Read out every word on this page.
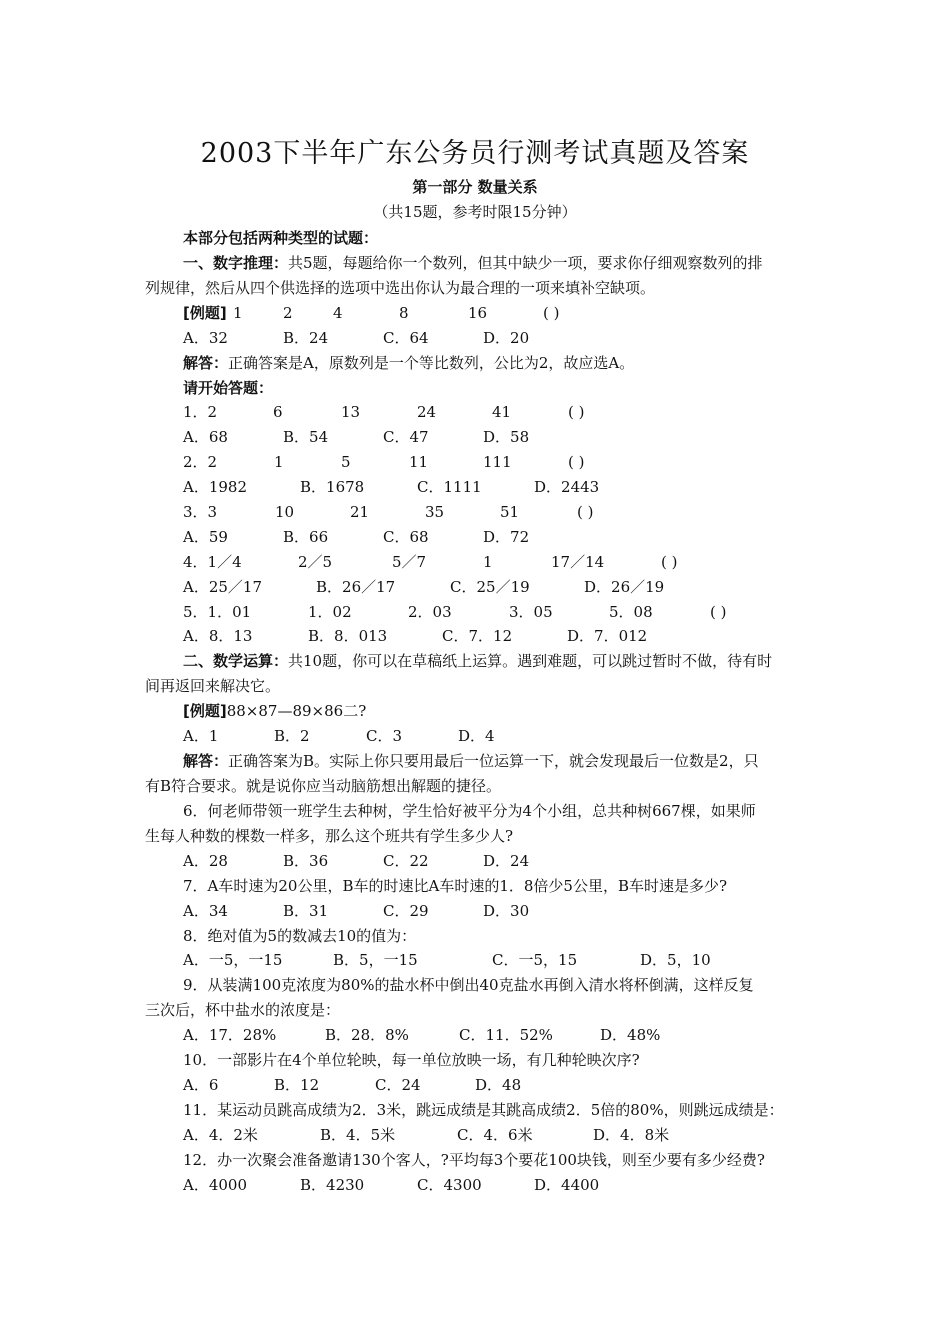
2003下半年广东公务员行测考试真题及答案
第一部分 数量关系
（共15题，参考时限15分钟）
本部分包括两种类型的试题：
一、数字推理：共5题，每题给你一个数列，但其中缺少一项，要求你仔细观察数列的排
列规律，然后从四个供选择的选项中选出你认为最合理的一项来填补空缺项。
[例题] 1	2	4	8	16	( )
A．32	B．24	C．64	D．20
解答：正确答案是A，原数列是一个等比数列，公比为2，故应选A。
请开始答题：
1．2	6	13	24	41	( )
A．68	B．54	C．47	D．58
2．2	1	5	11	111	( )
A．1982	B．1678	C．1111	D．2443
3．3	10	21	35	51	( )
A．59	B．66	C．68	D．72
4．1／4	2／5	5／7	1	17／14	( )
A．25／17	B．26／17	C．25／19	D．26／19
5．1．01	1．02	2．03	3．05	5．08	( )
A．8．13	B．8．013	C．7．12	D．7．012
二、数学运算：共10题，你可以在草稿纸上运算。遇到难题，可以跳过暂时不做，待有时
间再返回来解决它。
[例题]88×87—89×86二?
A．1	B．2	C．3	D．4
解答：正确答案为B。实际上你只要用最后一位运算一下，就会发现最后一位数是2，只
有B符合要求。就是说你应当动脑筋想出解题的捷径。
6．何老师带领一班学生去种树，学生恰好被平分为4个小组，总共种树667棵，如果师
生每人种数的棵数一样多，那么这个班共有学生多少人?
A．28	B．36	C．22	D．24
7．A车时速为20公里，B车的时速比A车时速的1．8倍少5公里，B车时速是多少?
A．34	B．31	C．29	D．30
8．绝对值为5的数减去10的值为：
A．一5，一15	B．5，一15	C．一5，15	D．5，10
9．从装满100克浓度为80%的盐水杯中倒出40克盐水再倒入清水将杯倒满，这样反复
三次后，杯中盐水的浓度是：
A．17．28%	B．28．8%	C．11．52%	D．48%
10．一部影片在4个单位轮映，每一单位放映一场，有几种轮映次序?
A．6	B．12	C．24	D．48
11．某运动员跳高成绩为2．3米，跳远成绩是其跳高成绩2．5倍的80%，则跳远成绩是：
A．4．2米	B．4．5米	C．4．6米	D．4．8米
12．办一次聚会准备邀请130个客人，?平均每3个要花100块钱，则至少要有多少经费?
A．4000	B．4230	C．4300	D．4400
